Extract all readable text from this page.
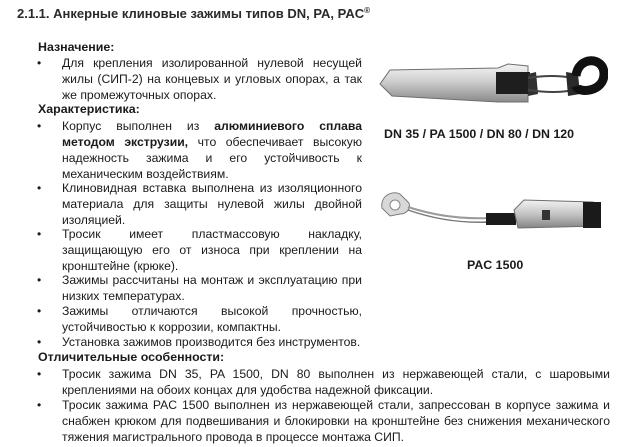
2.1.1. Анкерные клиновые зажимы типов DN, PA, PAC®
Назначение:
• Для крепления изолированной нулевой несущей жилы (СИП-2) на концевых и угловых опорах, а так же промежуточных опорах.
Характеристика:
• Корпус выполнен из алюминиевого сплава методом экструзии, что обеспечивает высокую надежность зажима и его устойчивость к механическим воздействиям.
• Клиновидная вставка выполнена из изоляционного материала для защиты нулевой жилы двойной изоляцией.
• Тросик имеет пластмассовую накладку, защищающую его от износа при креплении на кронштейне (крюке).
• Зажимы рассчитаны на монтаж и эксплуатацию при низких температурах.
• Зажимы отличаются высокой прочностью, устойчивостью к коррозии, компактны.
• Установка зажимов производится без инструментов.
Отличительные особенности:
• Тросик зажима DN 35, PA 1500, DN 80 выполнен из нержавеющей стали, с шаровыми креплениями на обоих концах для удобства надежной фиксации.
• Тросик зажима PAC 1500 выполнен из нержавеющей стали, запрессован в корпусе зажима и снабжен крюком для подвешивания и блокировки на кронштейне без снижения механического тяжения магистрального провода в процессе монтажа СИП.
DN 35 / PA 1500 / DN 80 / DN 120
PAC 1500
